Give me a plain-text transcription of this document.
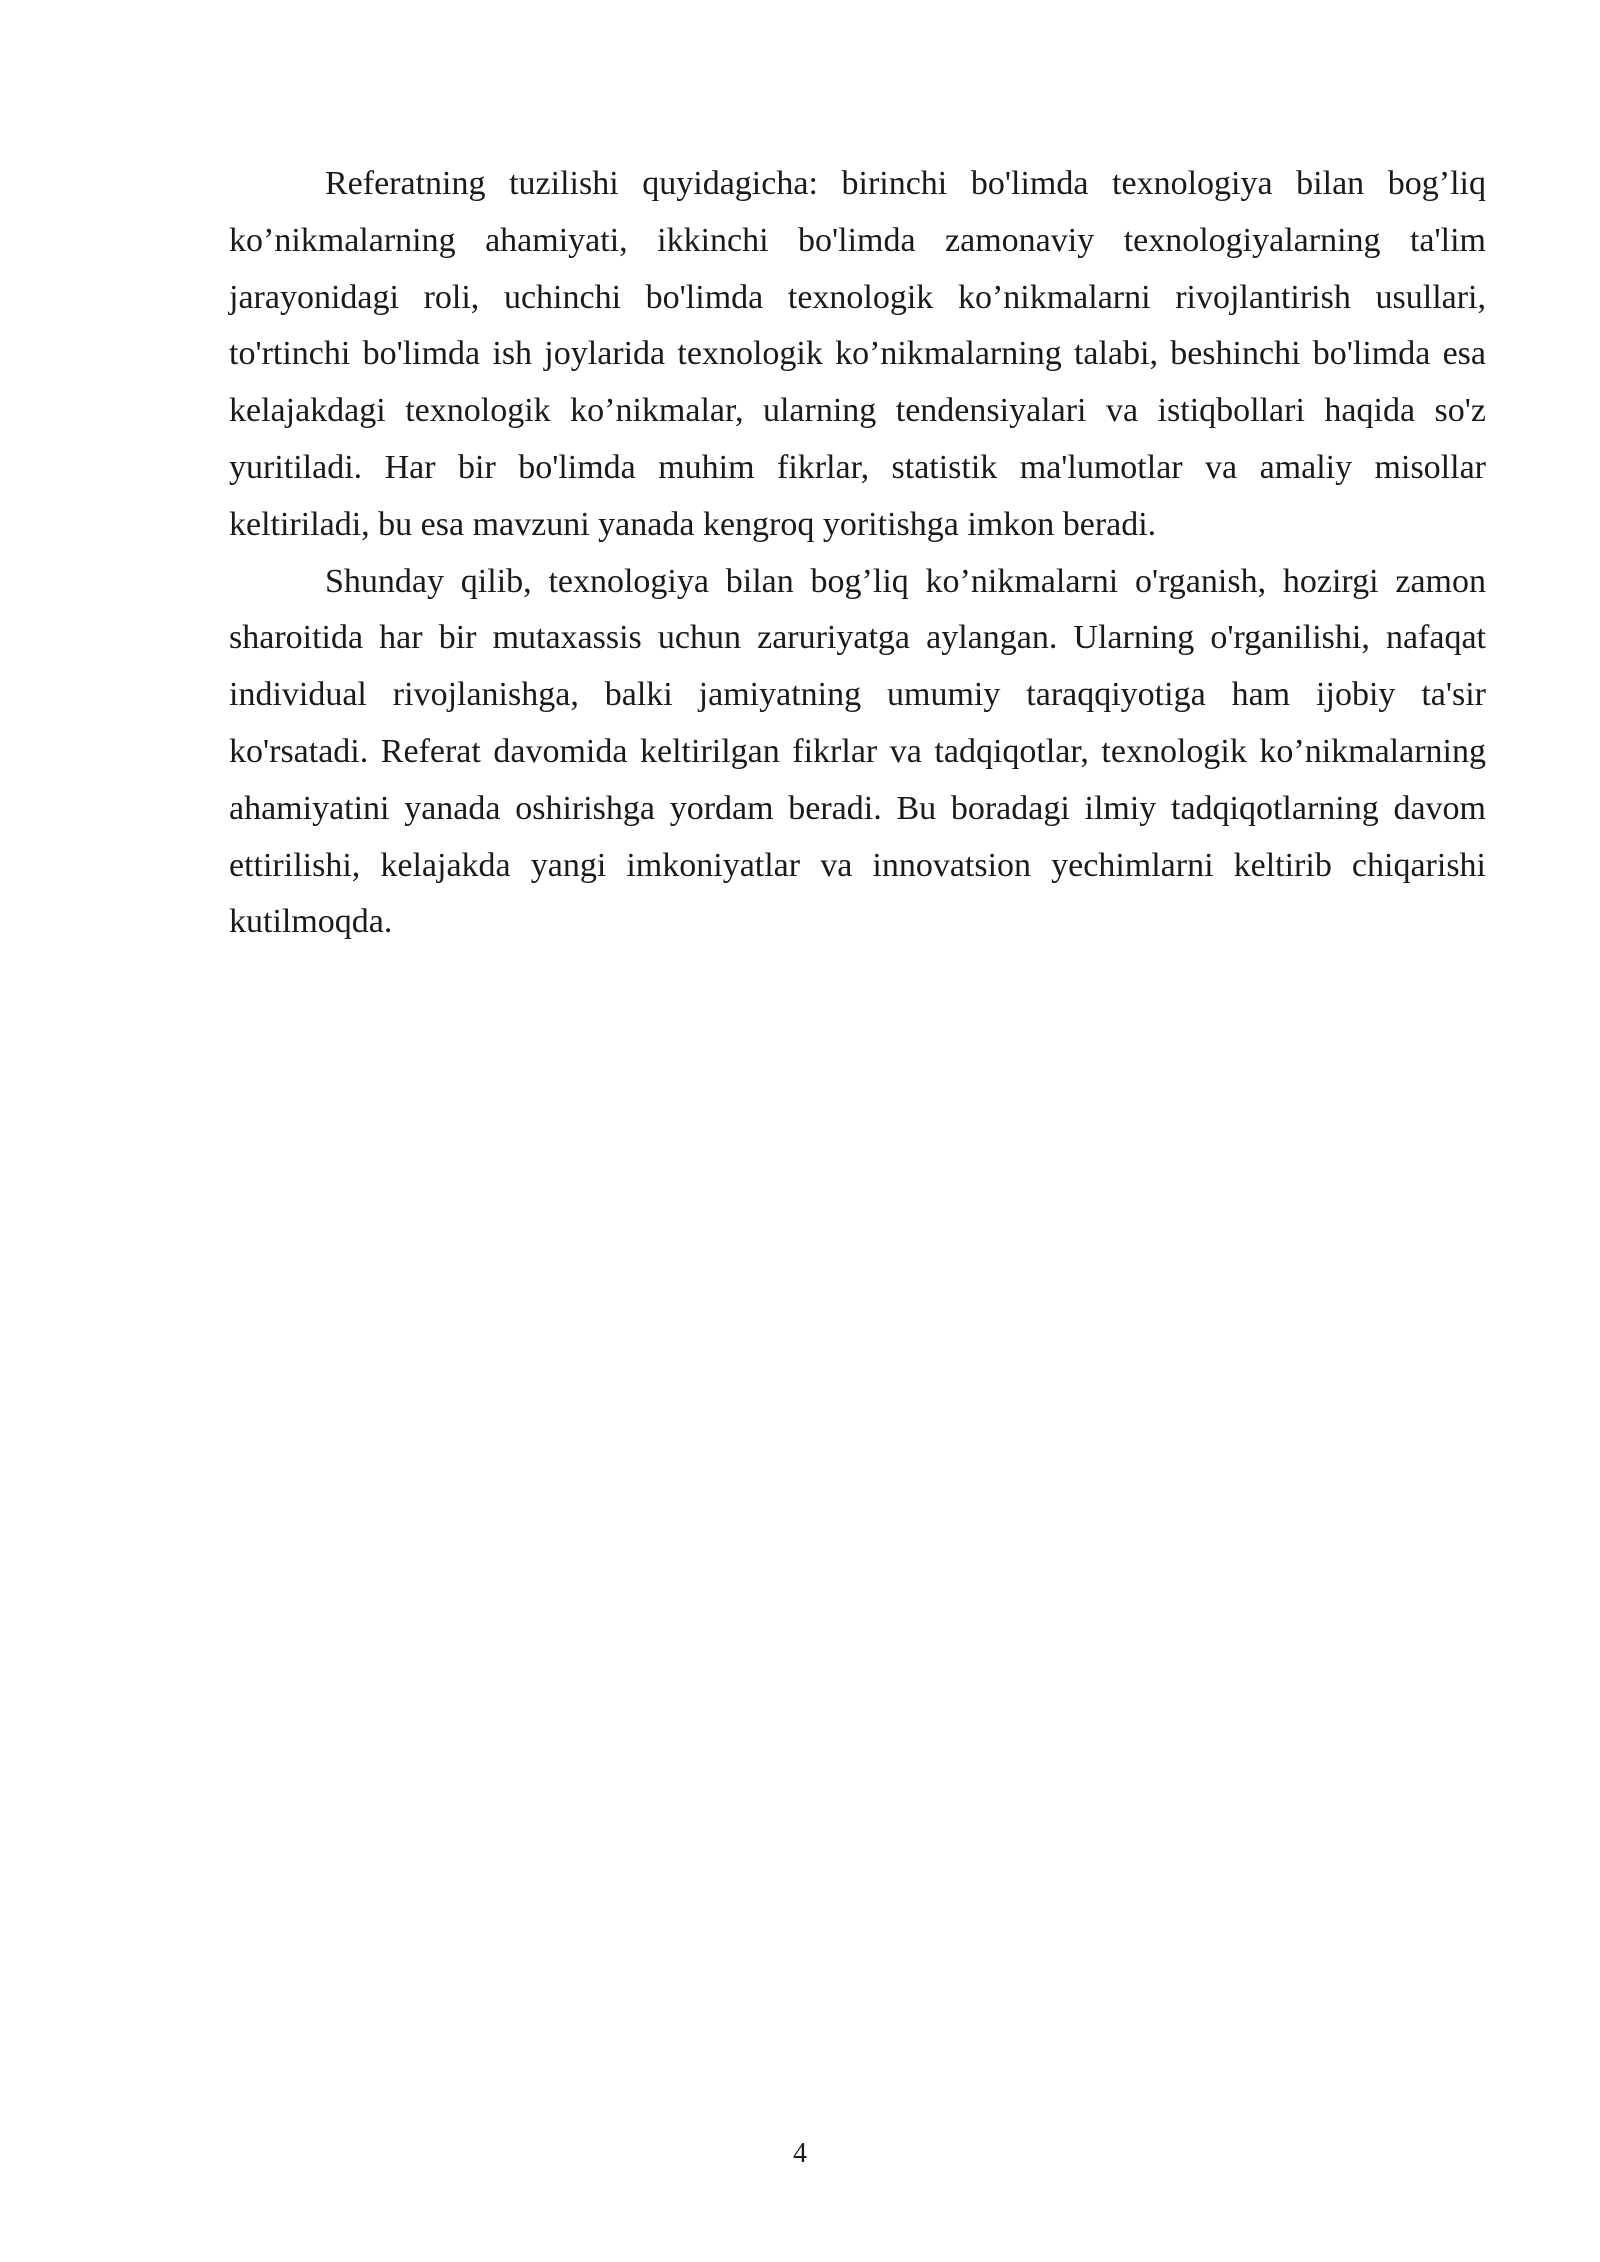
Referatning tuzilishi quyidagicha: birinchi bo'limda texnologiya bilan bog’liq ko’nikmalarning ahamiyati, ikkinchi bo'limda zamonaviy texnologiyalarning ta'lim jarayonidagi roli, uchinchi bo'limda texnologik ko’nikmalarni rivojlantirish usullari, to'rtinchi bo'limda ish joylarida texnologik ko’nikmalarning talabi, beshinchi bo'limda esa kelajakdagi texnologik ko’nikmalar, ularning tendensiyalari va istiqbollari haqida so'z yuritiladi. Har bir bo'limda muhim fikrlar, statistik ma'lumotlar va amaliy misollar keltiriladi, bu esa mavzuni yanada kengroq yoritishga imkon beradi.

Shunday qilib, texnologiya bilan bog’liq ko’nikmalarni o'rganish, hozirgi zamon sharoitida har bir mutaxassis uchun zaruriyatga aylangan. Ularning o'rganilishi, nafaqat individual rivojlanishga, balki jamiyatning umumiy taraqqiyotiga ham ijobiy ta'sir ko'rsatadi. Referat davomida keltirilgan fikrlar va tadqiqotlar, texnologik ko’nikmalarning ahamiyatini yanada oshirishga yordam beradi. Bu boradagi ilmiy tadqiqotlarning davom ettirilishi, kelajakda yangi imkoniyatlar va innovatsion yechimlarni keltirib chiqarishi kutilmoqda.

4
